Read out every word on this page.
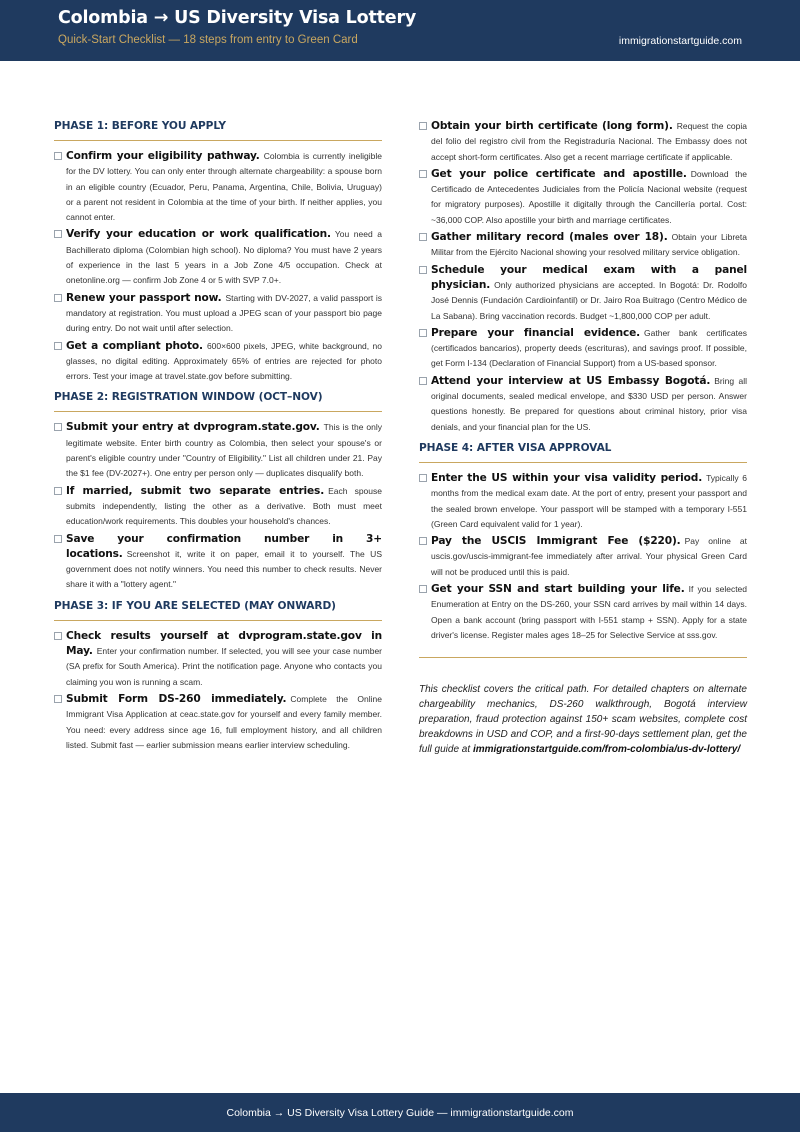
Colombia → US Diversity Visa Lottery
Quick-Start Checklist — 18 steps from entry to Green Card	immigrationstartguide.com
PHASE 1: BEFORE YOU APPLY

Confirm your eligibility pathway. Colombia is currently ineligible for the DV lottery. You can only enter through alternate chargeability: a spouse born in an eligible country (Ecuador, Peru, Panama, Argentina, Chile, Bolivia, Uruguay) or a parent not resident in Colombia at the time of your birth. If neither applies, you cannot enter.

Verify your education or work qualification. You need a Bachillerato diploma (Colombian high school). No diploma? You must have 2 years of experience in the last 5 years in a Job Zone 4/5 occupation. Check at onetonline.org — confirm Job Zone 4 or 5 with SVP 7.0+.

Renew your passport now. Starting with DV-2027, a valid passport is mandatory at registration. You must upload a JPEG scan of your passport bio page during entry. Do not wait until after selection.

Get a compliant photo. 600×600 pixels, JPEG, white background, no glasses, no digital editing. Approximately 65% of entries are rejected for photo errors. Test your image at travel.state.gov before submitting.

PHASE 2: REGISTRATION WINDOW (OCT–NOV)

Submit your entry at dvprogram.state.gov. This is the only legitimate website. Enter birth country as Colombia, then select your spouse's or parent's eligible country under "Country of Eligibility." List all children under 21. Pay the $1 fee (DV-2027+). One entry per person only — duplicates disqualify both.

If married, submit two separate entries. Each spouse submits independently, listing the other as a derivative. Both must meet education/work requirements. This doubles your household's chances.

Save your confirmation number in 3+ locations. Screenshot it, write it on paper, email it to yourself. The US government does not notify winners. You need this number to check results. Never share it with a "lottery agent."

PHASE 3: IF YOU ARE SELECTED (MAY ONWARD)

Check results yourself at dvprogram.state.gov in May. Enter your confirmation number. If selected, you will see your case number (SA prefix for South America). Print the notification page. Anyone who contacts you claiming you won is running a scam.

Submit Form DS-260 immediately. Complete the Online Immigrant Visa Application at ceac.state.gov for yourself and every family member. You need: every address since age 16, full employment history, and all children listed. Submit fast — earlier submission means earlier interview scheduling.

Obtain your birth certificate (long form). Request the copia del folio del registro civil from the Registraduría Nacional. The Embassy does not accept short-form certificates. Also get a recent marriage certificate if applicable.

Get your police certificate and apostille. Download the Certificado de Antecedentes Judiciales from the Policía Nacional website (request for migratory purposes). Apostille it digitally through the Cancillería portal. Cost: ~36,000 COP. Also apostille your birth and marriage certificates.

Gather military record (males over 18). Obtain your Libreta Militar from the Ejército Nacional showing your resolved military service obligation.

Schedule your medical exam with a panel physician. Only authorized physicians are accepted. In Bogotá: Dr. Rodolfo José Dennis (Fundación Cardioinfantil) or Dr. Jairo Roa Buitrago (Centro Médico de La Sabana). Bring vaccination records. Budget ~1,800,000 COP per adult.

Prepare your financial evidence. Gather bank certificates (certificados bancarios), property deeds (escrituras), and savings proof. If possible, get Form I-134 (Declaration of Financial Support) from a US-based sponsor.

Attend your interview at US Embassy Bogotá. Bring all original documents, sealed medical envelope, and $330 USD per person. Answer questions honestly. Be prepared for questions about criminal history, prior visa denials, and your financial plan for the US.

PHASE 4: AFTER VISA APPROVAL

Enter the US within your visa validity period. Typically 6 months from the medical exam date. At the port of entry, present your passport and the sealed brown envelope. Your passport will be stamped with a temporary I-551 (Green Card equivalent valid for 1 year).

Pay the USCIS Immigrant Fee ($220). Pay online at uscis.gov/uscis-immigrant-fee immediately after arrival. Your physical Green Card will not be produced until this is paid.

Get your SSN and start building your life. If you selected Enumeration at Entry on the DS-260, your SSN card arrives by mail within 14 days. Open a bank account (bring passport with I-551 stamp + SSN). Apply for a state driver's license. Register males ages 18–25 for Selective Service at sss.gov.

This checklist covers the critical path. For detailed chapters on alternate chargeability mechanics, DS-260 walkthrough, Bogotá interview preparation, fraud protection against 150+ scam websites, complete cost breakdowns in USD and COP, and a first-90-days settlement plan, get the full guide at immigrationstartguide.com/from-colombia/us-dv-lottery/

Colombia → US Diversity Visa Lottery Guide — immigrationstartguide.com
